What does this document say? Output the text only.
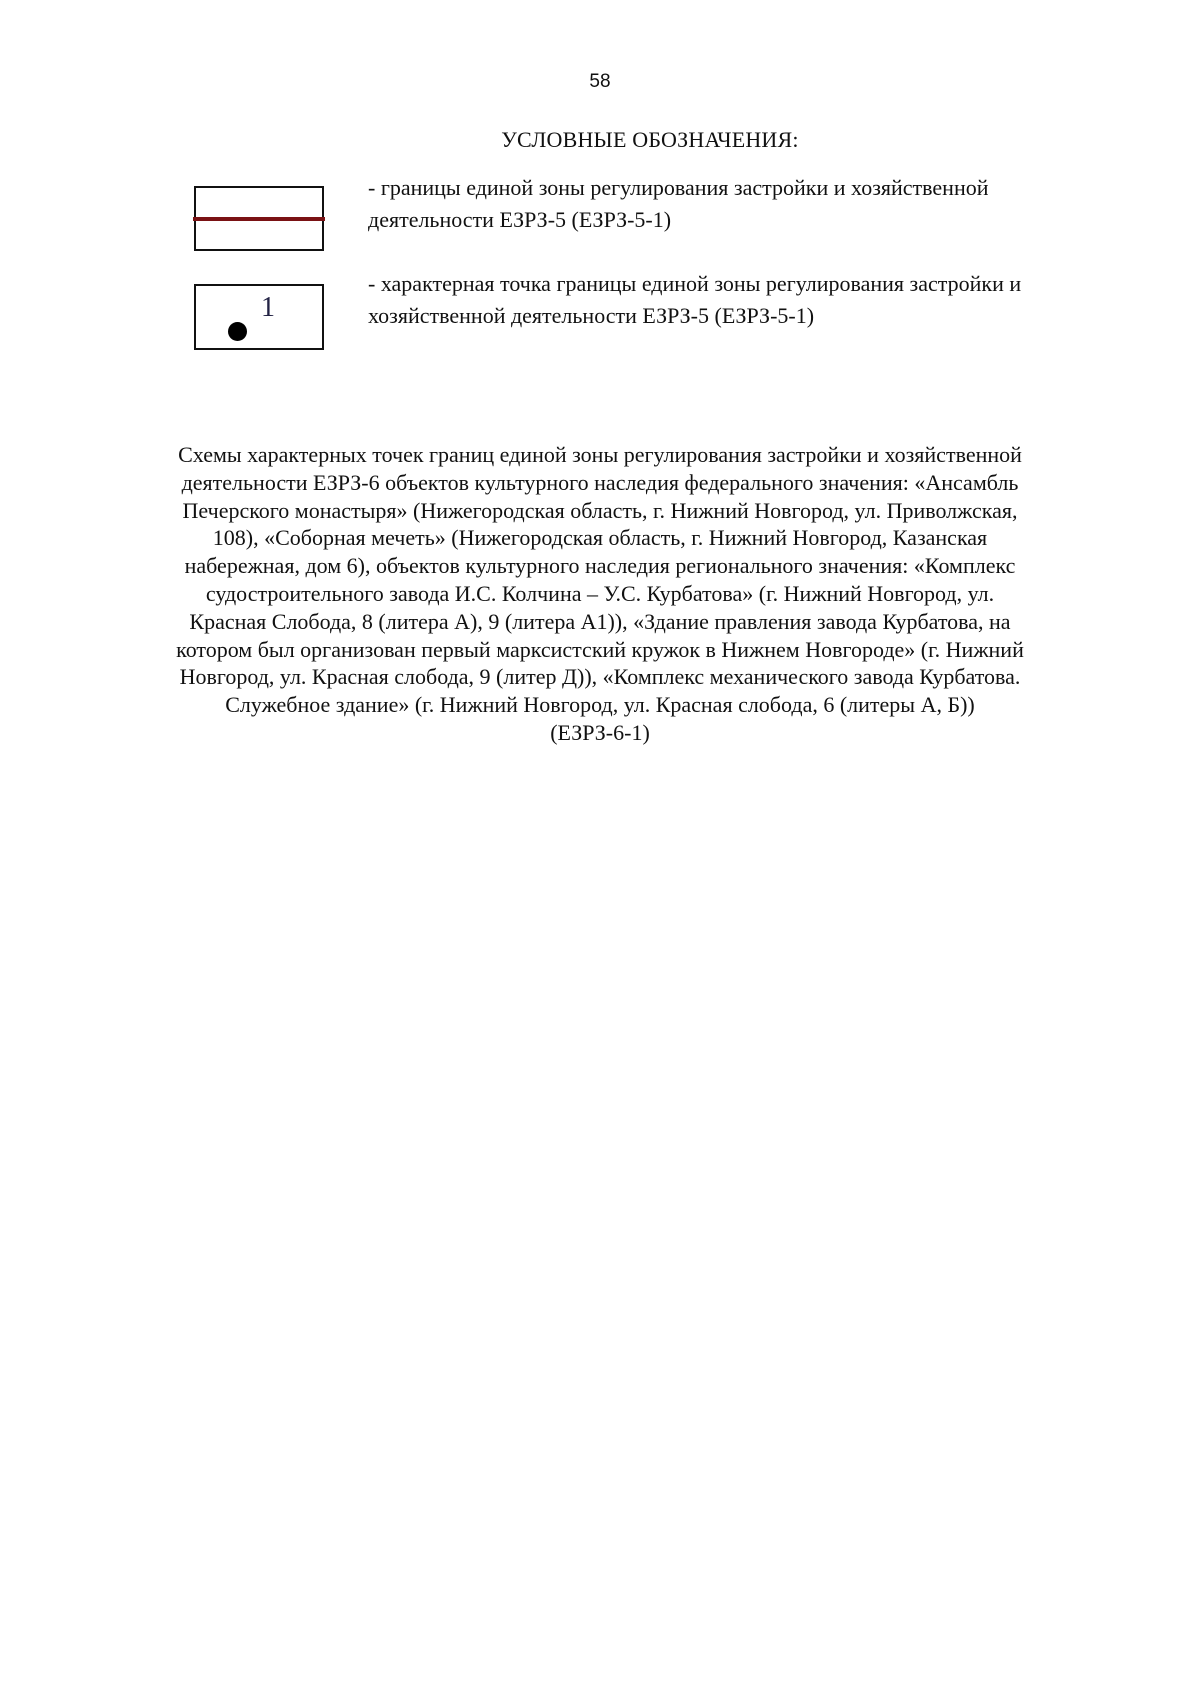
58
УСЛОВНЫЕ ОБОЗНАЧЕНИЯ:
- границы единой зоны регулирования застройки и хозяйственной
деятельности ЕЗРЗ-5 (ЕЗРЗ-5-1)
1
- характерная точка границы единой зоны регулирования застройки и
хозяйственной деятельности ЕЗРЗ-5 (ЕЗРЗ-5-1)
Схемы характерных точек границ единой зоны регулирования застройки и хозяйственной
деятельности ЕЗРЗ-6 объектов культурного наследия федерального значения: «Ансамбль
Печерского монастыря» (Нижегородская область, г. Нижний Новгород, ул. Приволжская,
108), «Соборная мечеть» (Нижегородская область, г. Нижний Новгород, Казанская
набережная, дом 6), объектов культурного наследия регионального значения: «Комплекс
судостроительного завода И.С. Колчина – У.С. Курбатова» (г. Нижний Новгород, ул.
Красная Слобода, 8 (литера А), 9 (литера А1)), «Здание правления завода Курбатова, на
котором был организован первый марксистский кружок в Нижнем Новгороде» (г. Нижний
Новгород, ул. Красная слобода, 9 (литер Д)), «Комплекс механического завода Курбатова.
Служебное здание» (г. Нижний Новгород, ул. Красная слобода, 6 (литеры А, Б))
(ЕЗРЗ-6-1)
